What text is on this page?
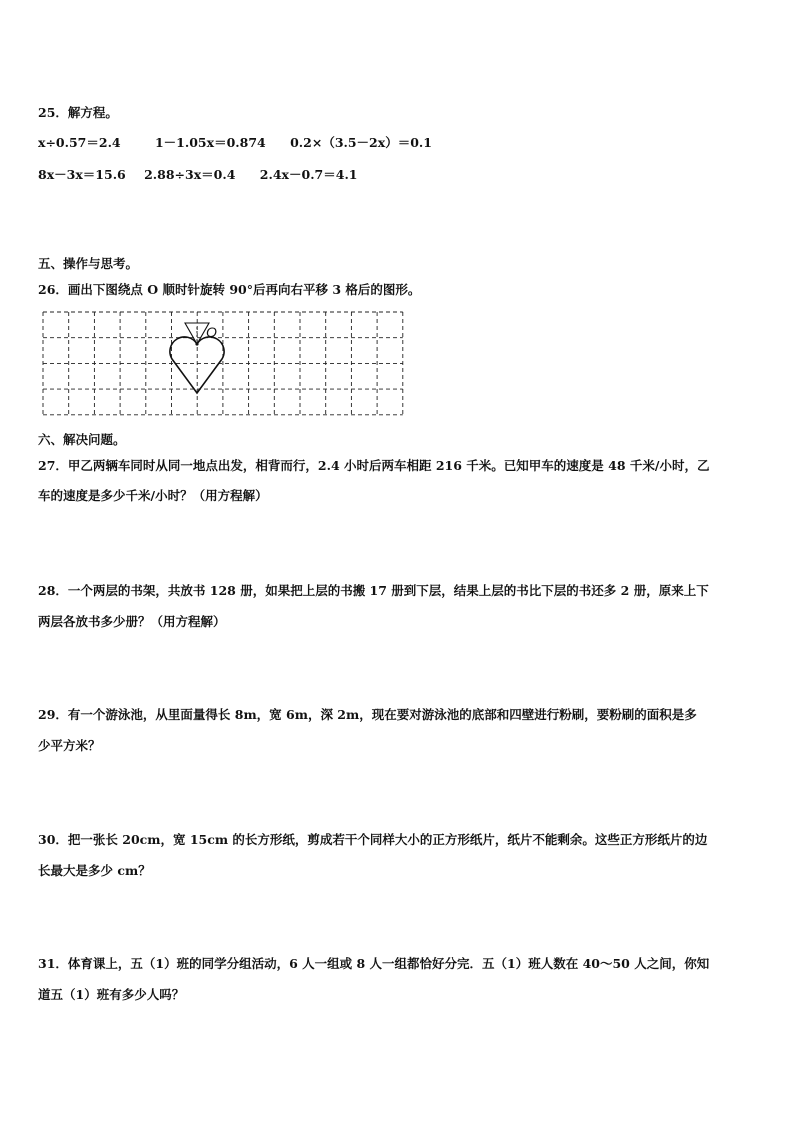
25．解方程。
x÷0.57＝2.4	1－1.05x＝0.874 0.2×（3.5－2x）＝0.1
8x－3x＝15.6 2.88÷3x＝0.4 2.4x－0.7＝4.1
五、操作与思考。
26．画出下图绕点 O 顺时针旋转 90°后再向右平移 3 格后的图形。
O
六、解决问题。
27．甲乙两辆车同时从同一地点出发，相背而行，2.4 小时后两车相距 216 千米。已知甲车的速度是 48 千米/小时，乙
车的速度是多少千米/小时？（用方程解）
28．一个两层的书架，共放书 128 册，如果把上层的书搬 17 册到下层，结果上层的书比下层的书还多 2 册，原来上下
两层各放书多少册？（用方程解）
29．有一个游泳池，从里面量得长 8m，宽 6m，深 2m，现在要对游泳池的底部和四壁进行粉刷，要粉刷的面积是多
少平方米？
30．把一张长 20cm，宽 15cm 的长方形纸，剪成若干个同样大小的正方形纸片，纸片不能剩余。这些正方形纸片的边
长最大是多少 cm？
31．体育课上，五（1）班的同学分组活动，6 人一组或 8 人一组都恰好分完．五（1）班人数在 40～50 人之间，你知
道五（1）班有多少人吗？
